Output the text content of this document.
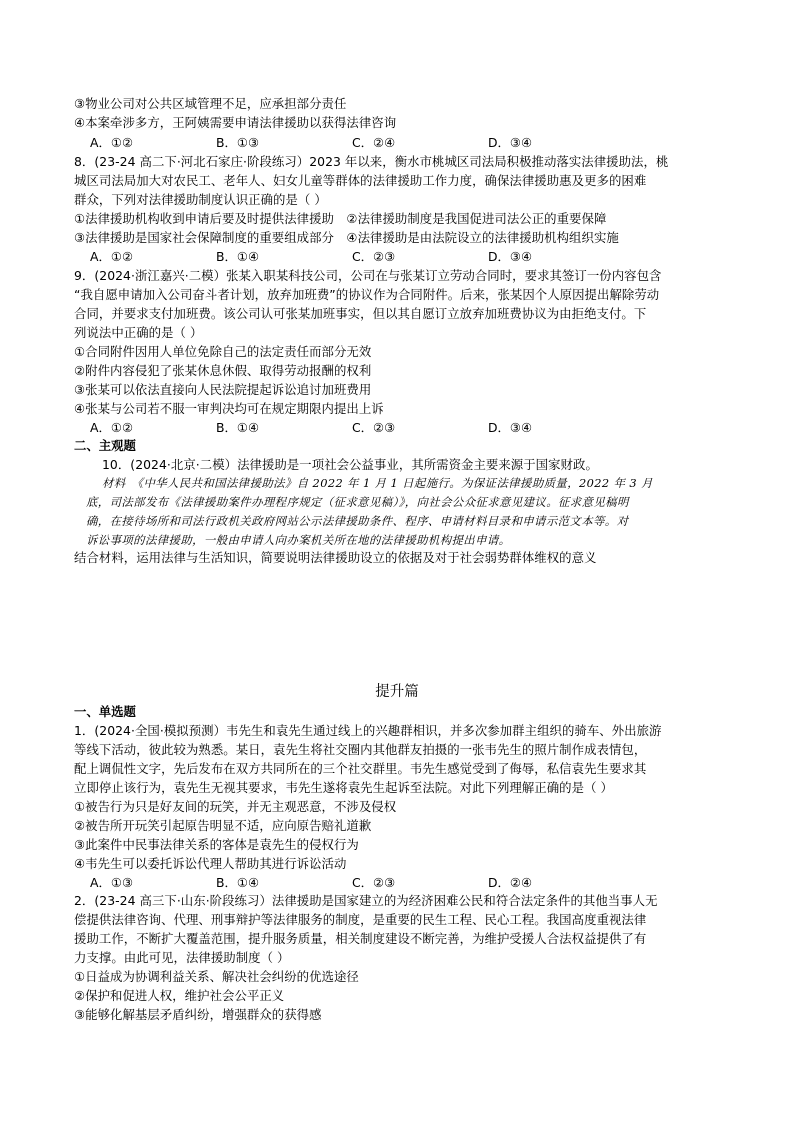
③物业公司对公共区域管理不足，应承担部分责任
④本案牵涉多方，王阿姨需要申请法律援助以获得法律咨询
A．①②	B．①③	C．②④	D．③④
8．(23-24 高二下·河北石家庄·阶段练习）2023 年以来，衡水市桃城区司法局积极推动落实法律援助法，桃
城区司法局加大对农民工、老年人、妇女儿童等群体的法律援助工作力度，确保法律援助惠及更多的困难
群众，下列对法律援助制度认识正确的是（ ）
①法律援助机构收到申请后要及时提供法律援助　②法律援助制度是我国促进司法公正的重要保障
③法律援助是国家社会保障制度的重要组成部分　④法律援助是由法院设立的法律援助机构组织实施
A．①②	B．①④	C．②③	D．③④
9．(2024·浙江嘉兴·二模）张某入职某科技公司，公司在与张某订立劳动合同时，要求其签订一份内容包含
“我自愿申请加入公司奋斗者计划，放弃加班费”的协议作为合同附件。后来，张某因个人原因提出解除劳动
合同，并要求支付加班费。该公司认可张某加班事实，但以其自愿订立放弃加班费协议为由拒绝支付。下
列说法中正确的是（ ）
①合同附件因用人单位免除自己的法定责任而部分无效
②附件内容侵犯了张某休息休假、取得劳动报酬的权利
③张某可以依法直接向人民法院提起诉讼追讨加班费用
④张某与公司若不服一审判决均可在规定期限内提出上诉
A．①②	B．①④	C．②③	D．③④
二、主观题
10．(2024·北京·二模）法律援助是一项社会公益事业，其所需资金主要来源于国家财政。
材料　《中华人民共和国法律援助法》自 2022 年 1 月 1 日起施行。为保证法律援助质量，2022 年 3 月
底，司法部发布《法律援助案件办理程序规定（征求意见稿）》，向社会公众征求意见建议。征求意见稿明
确，在接待场所和司法行政机关政府网站公示法律援助条件、程序、申请材料目录和申请示范文本等。对
诉讼事项的法律援助，一般由申请人向办案机关所在地的法律援助机构提出申请。
结合材料，运用法律与生活知识，简要说明法律援助设立的依据及对于社会弱势群体维权的意义
提升篇
一、单选题
1．(2024·全国·模拟预测）韦先生和袁先生通过线上的兴趣群相识，并多次参加群主组织的骑车、外出旅游
等线下活动，彼此较为熟悉。某日，袁先生将社交圈内其他群友拍摄的一张韦先生的照片制作成表情包，
配上调侃性文字，先后发布在双方共同所在的三个社交群里。韦先生感觉受到了侮辱，私信袁先生要求其
立即停止该行为，袁先生无视其要求，韦先生遂将袁先生起诉至法院。对此下列理解正确的是（ ）
①被告行为只是好友间的玩笑，并无主观恶意，不涉及侵权
②被告所开玩笑引起原告明显不适，应向原告赔礼道歉
③此案件中民事法律关系的客体是袁先生的侵权行为
④韦先生可以委托诉讼代理人帮助其进行诉讼活动
A．①③	B．①④	C．②③	D．②④
2．(23-24 高三下·山东·阶段练习）法律援助是国家建立的为经济困难公民和符合法定条件的其他当事人无
偿提供法律咨询、代理、刑事辩护等法律服务的制度，是重要的民生工程、民心工程。我国高度重视法律
援助工作，不断扩大覆盖范围，提升服务质量，相关制度建设不断完善，为维护受援人合法权益提供了有
力支撑。由此可见，法律援助制度（ ）
①日益成为协调利益关系、解决社会纠纷的优选途径
②保护和促进人权，维护社会公平正义
③能够化解基层矛盾纠纷，增强群众的获得感
